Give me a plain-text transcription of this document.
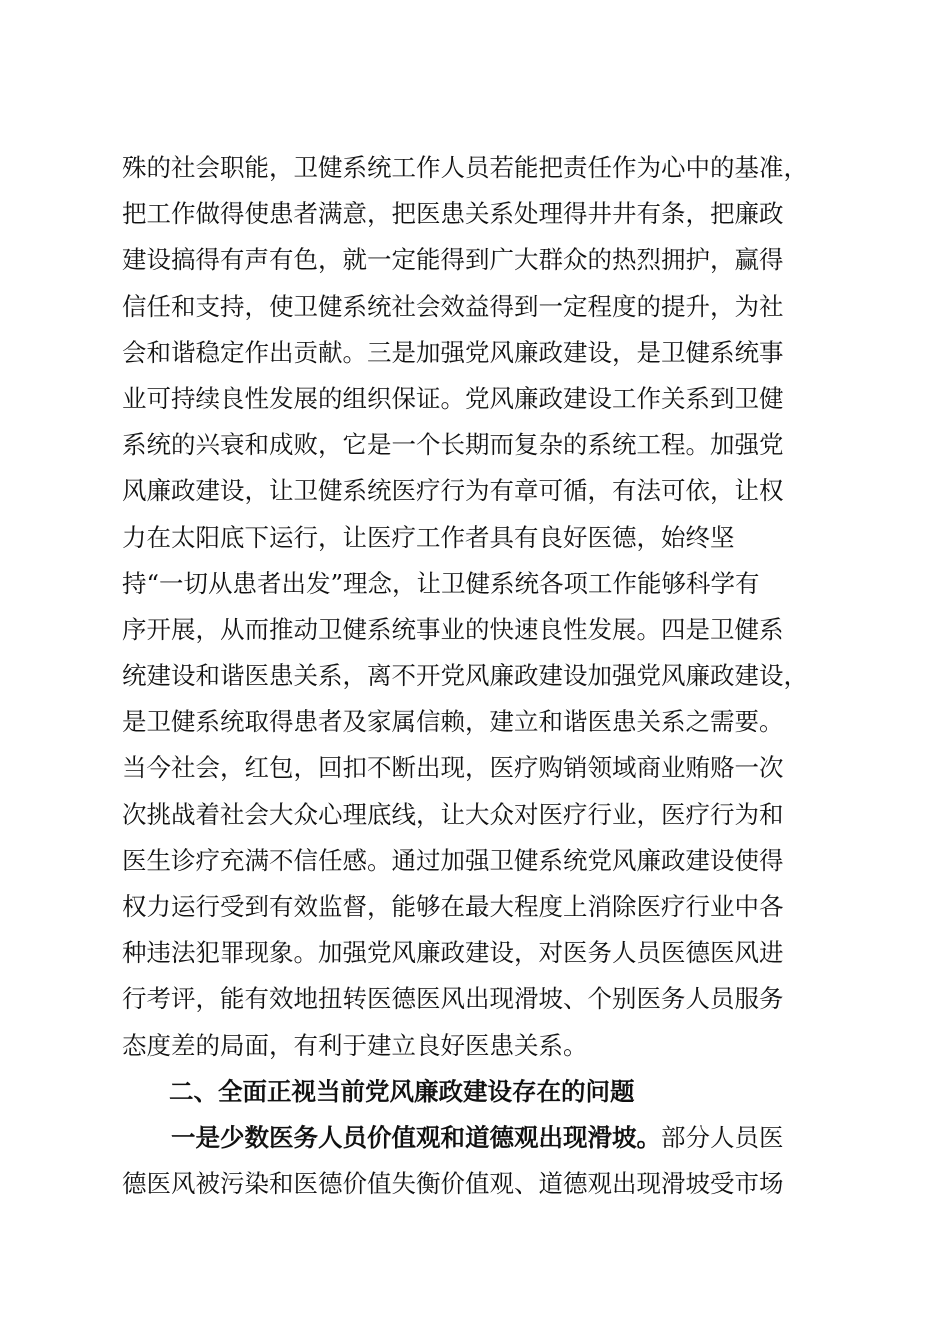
殊的社会职能，卫健系统工作人员若能把责任作为心中的基准，
把工作做得使患者满意，把医患关系处理得井井有条，把廉政
建设搞得有声有色，就一定能得到广大群众的热烈拥护，赢得
信任和支持，使卫健系统社会效益得到一定程度的提升，为社
会和谐稳定作出贡献。三是加强党风廉政建设，是卫健系统事
业可持续良性发展的组织保证。党风廉政建设工作关系到卫健
系统的兴衰和成败，它是一个长期而复杂的系统工程。加强党
风廉政建设，让卫健系统医疗行为有章可循，有法可依，让权
力在太阳底下运行，让医疗工作者具有良好医德，始终坚
持“一切从患者出发”理念，让卫健系统各项工作能够科学有
序开展，从而推动卫健系统事业的快速良性发展。四是卫健系
统建设和谐医患关系，离不开党风廉政建设加强党风廉政建设，
是卫健系统取得患者及家属信赖，建立和谐医患关系之需要。
当今社会，红包，回扣不断出现，医疗购销领域商业贿赂一次
次挑战着社会大众心理底线，让大众对医疗行业，医疗行为和
医生诊疗充满不信任感。通过加强卫健系统党风廉政建设使得
权力运行受到有效监督，能够在最大程度上消除医疗行业中各
种违法犯罪现象。加强党风廉政建设，对医务人员医德医风进
行考评，能有效地扭转医德医风出现滑坡、个别医务人员服务
态度差的局面，有利于建立良好医患关系。
二、全面正视当前党风廉政建设存在的问题
一是少数医务人员价值观和道德观出现滑坡。部分人员医
德医风被污染和医德价值失衡价值观、道德观出现滑坡受市场
